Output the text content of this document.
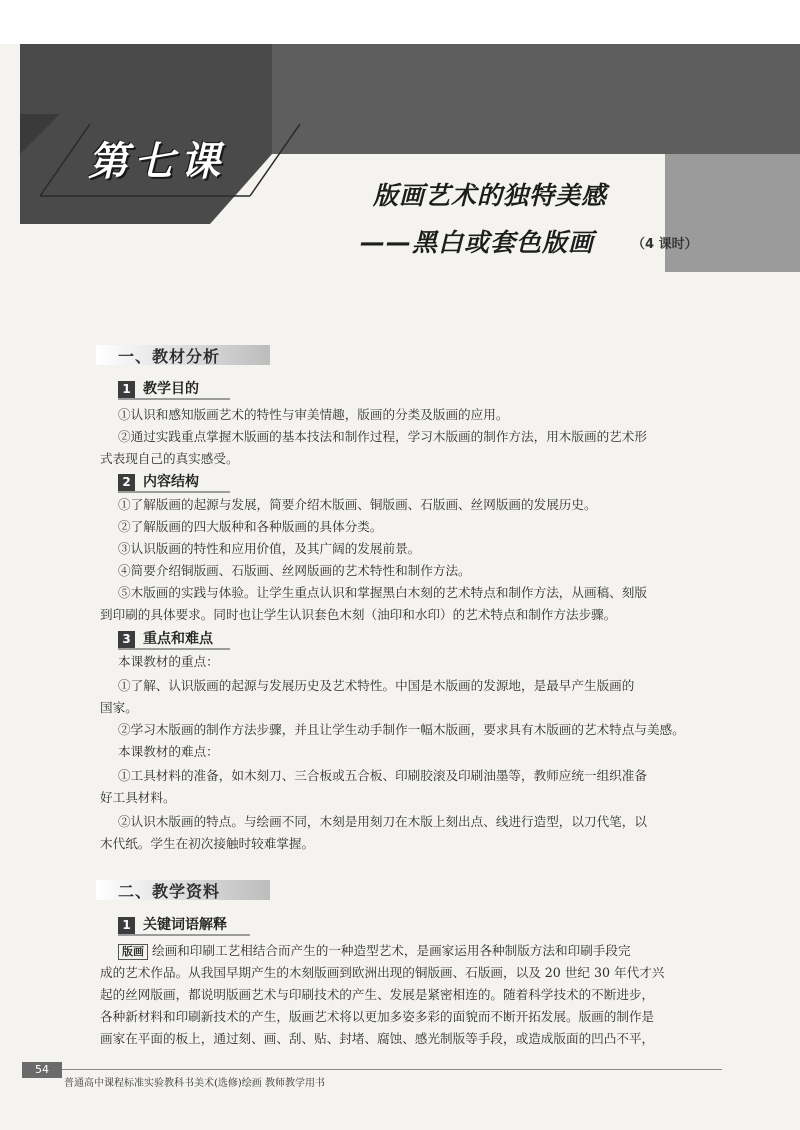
第七课
版画艺术的独特美感
——黑白或套色版画	（4 课时）
一、教材分析
1 教学目的
①认识和感知版画艺术的特性与审美情趣，版画的分类及版画的应用。
②通过实践重点掌握木版画的基本技法和制作过程，学习木版画的制作方法，用木版画的艺术形
式表现自己的真实感受。
2 内容结构
①了解版画的起源与发展，简要介绍木版画、铜版画、石版画、丝网版画的发展历史。
②了解版画的四大版种和各种版画的具体分类。
③认识版画的特性和应用价值，及其广阔的发展前景。
④简要介绍铜版画、石版画、丝网版画的艺术特性和制作方法。
⑤木版画的实践与体验。让学生重点认识和掌握黑白木刻的艺术特点和制作方法，从画稿、刻版
到印刷的具体要求。同时也让学生认识套色木刻（油印和水印）的艺术特点和制作方法步骤。
3 重点和难点
本课教材的重点：
①了解、认识版画的起源与发展历史及艺术特性。中国是木版画的发源地，是最早产生版画的
国家。
②学习木版画的制作方法步骤，并且让学生动手制作一幅木版画，要求具有木版画的艺术特点与美感。
本课教材的难点：
①工具材料的准备，如木刻刀、三合板或五合板、印刷胶滚及印刷油墨等，教师应统一组织准备
好工具材料。
②认识木版画的特点。与绘画不同，木刻是用刻刀在木版上刻出点、线进行造型，以刀代笔，以
木代纸。学生在初次接触时较难掌握。
二、教学资料
1 关键词语解释
版画 绘画和印刷工艺相结合而产生的一种造型艺术，是画家运用各种制版方法和印刷手段完
成的艺术作品。从我国早期产生的木刻版画到欧洲出现的铜版画、石版画，以及 20 世纪 30 年代才兴
起的丝网版画，都说明版画艺术与印刷技术的产生、发展是紧密相连的。随着科学技术的不断进步，
各种新材料和印刷新技术的产生，版画艺术将以更加多姿多彩的面貌而不断开拓发展。版画的制作是
画家在平面的板上，通过刻、画、刮、贴、封堵、腐蚀、感光制版等手段，或造成版面的凹凸不平，
54
普通高中课程标准实验教科书美术(选修)绘画 教师教学用书
